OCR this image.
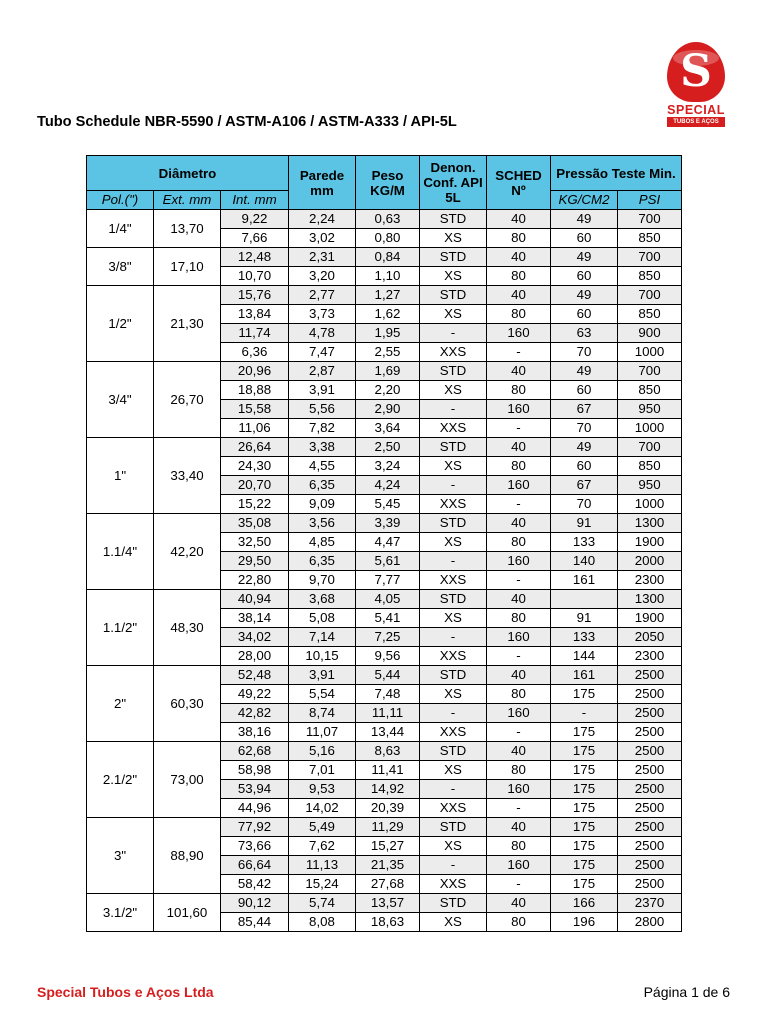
S
SPECIAL
TUBOS E AÇOS
Tubo Schedule NBR-5590 / ASTM-A106 / ASTM-A333 / API-5L
Diâmetro			Parede mm	Peso KG/M	Denon. Conf. API 5L	SCHED Nº	Pressão Teste Min.	
Pol.(")	Ext. mm	Int. mm					KG/CM2	PSI
1/4"	13,70	9,22	2,24	0,63	STD	40	49	700
		7,66	3,02	0,80	XS	80	60	850
3/8"	17,10	12,48	2,31	0,84	STD	40	49	700
		10,70	3,20	1,10	XS	80	60	850
1/2"	21,30	15,76	2,77	1,27	STD	40	49	700
		13,84	3,73	1,62	XS	80	60	850
		11,74	4,78	1,95	-	160	63	900
		6,36	7,47	2,55	XXS	-	70	1000
3/4"	26,70	20,96	2,87	1,69	STD	40	49	700
		18,88	3,91	2,20	XS	80	60	850
		15,58	5,56	2,90	-	160	67	950
		11,06	7,82	3,64	XXS	-	70	1000
1"	33,40	26,64	3,38	2,50	STD	40	49	700
		24,30	4,55	3,24	XS	80	60	850
		20,70	6,35	4,24	-	160	67	950
		15,22	9,09	5,45	XXS	-	70	1000
1.1/4"	42,20	35,08	3,56	3,39	STD	40	91	1300
		32,50	4,85	4,47	XS	80	133	1900
		29,50	6,35	5,61	-	160	140	2000
		22,80	9,70	7,77	XXS	-	161	2300
1.1/2"	48,30	40,94	3,68	4,05	STD	40		1300
		38,14	5,08	5,41	XS	80	91	1900
		34,02	7,14	7,25	-	160	133	2050
		28,00	10,15	9,56	XXS	-	144	2300
2"	60,30	52,48	3,91	5,44	STD	40	161	2500
		49,22	5,54	7,48	XS	80	175	2500
		42,82	8,74	11,11	-	160	-	2500
		38,16	11,07	13,44	XXS	-	175	2500
2.1/2"	73,00	62,68	5,16	8,63	STD	40	175	2500
		58,98	7,01	11,41	XS	80	175	2500
		53,94	9,53	14,92	-	160	175	2500
		44,96	14,02	20,39	XXS	-	175	2500
3"	88,90	77,92	5,49	11,29	STD	40	175	2500
		73,66	7,62	15,27	XS	80	175	2500
		66,64	11,13	21,35	-	160	175	2500
		58,42	15,24	27,68	XXS	-	175	2500
3.1/2"	101,60	90,12	5,74	13,57	STD	40	166	2370
		85,44	8,08	18,63	XS	80	196	2800
Special Tubos e Aços Ltda	Página 1 de 6
